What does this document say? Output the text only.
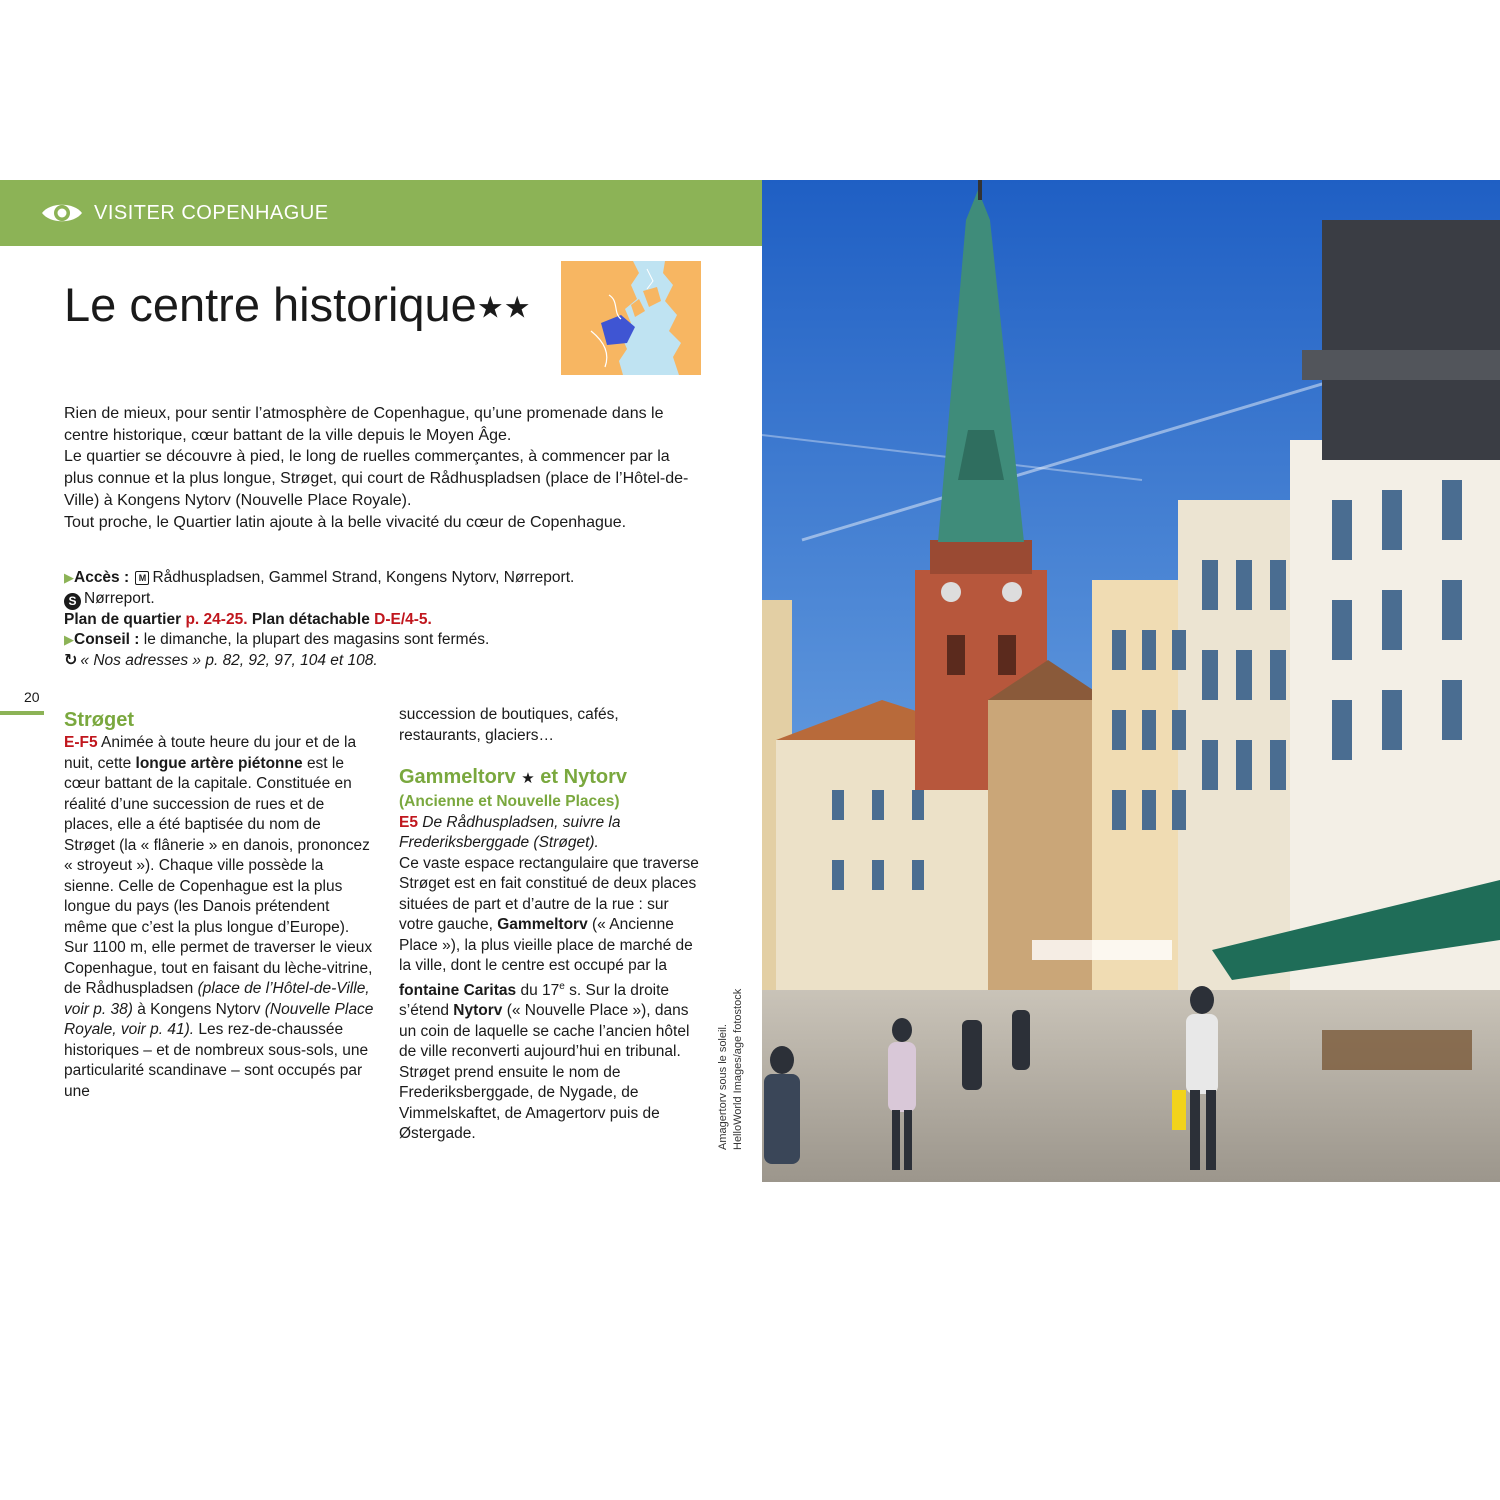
VISITER COPENHAGUE
Le centre historique★★

Rien de mieux, pour sentir l’atmosphère de Copenhague, qu’une promenade dans le centre historique, cœur battant de la ville depuis le Moyen Âge.

Le quartier se découvre à pied, le long de ruelles commerçantes, à commencer par la plus connue et la plus longue, Strøget, qui court de Rådhuspladsen (place de l’Hôtel-de-Ville) à Kongens Nytorv (Nouvelle Place Royale).

Tout proche, le Quartier latin ajoute à la belle vivacité du cœur de Copenhague.

▶Accès : M Rådhuspladsen, Gammel Strand, Kongens Nytorv, Nørreport.
S Nørreport.
Plan de quartier p. 24-25. Plan détachable D-E/4-5.
▶Conseil : le dimanche, la plupart des magasins sont fermés.
↻ « Nos adresses » p. 82, 92, 97, 104 et 108.
20
Strøget

E-F5 Animée à toute heure du jour et de la nuit, cette longue artère piétonne est le cœur battant de la capitale. Constituée en réalité d’une succession de rues et de places, elle a été baptisée du nom de Strøget (la « flânerie » en danois, prononcez « stroyeut »). Chaque ville possède la sienne. Celle de Copenhague est la plus longue du pays (les Danois prétendent même que c’est la plus longue d’Europe). Sur 1100 m, elle permet de traverser le vieux Copenhague, tout en faisant du lèche-vitrine, de Rådhuspladsen (place de l’Hôtel-de-Ville, voir p. 38) à Kongens Nytorv (Nouvelle Place Royale, voir p. 41). Les rez-de-chaussée historiques – et de nombreux sous-sols, une particularité scandinave – sont occupés par une

succession de boutiques, cafés, restaurants, glaciers…

Gammeltorv ★ et Nytorv
(Ancienne et Nouvelle Places)

E5 De Rådhuspladsen, suivre la Frederiksberggade (Strøget).

Ce vaste espace rectangulaire que traverse Strøget est en fait constitué de deux places situées de part et d’autre de la rue : sur votre gauche, Gammeltorv (« Ancienne Place »), la plus vieille place de marché de la ville, dont le centre est occupé par la fontaine Caritas du 17e s. Sur la droite s’étend Nytorv (« Nouvelle Place »), dans un coin de laquelle se cache l’ancien hôtel de ville reconverti aujourd’hui en tribunal. Strøget prend ensuite le nom de Frederiksberggade, de Nygade, de Vimmelskaftet, de Amagertorv puis de Østergade.	Amagertorv sous le soleil. HelloWorld Images/age fotostock
